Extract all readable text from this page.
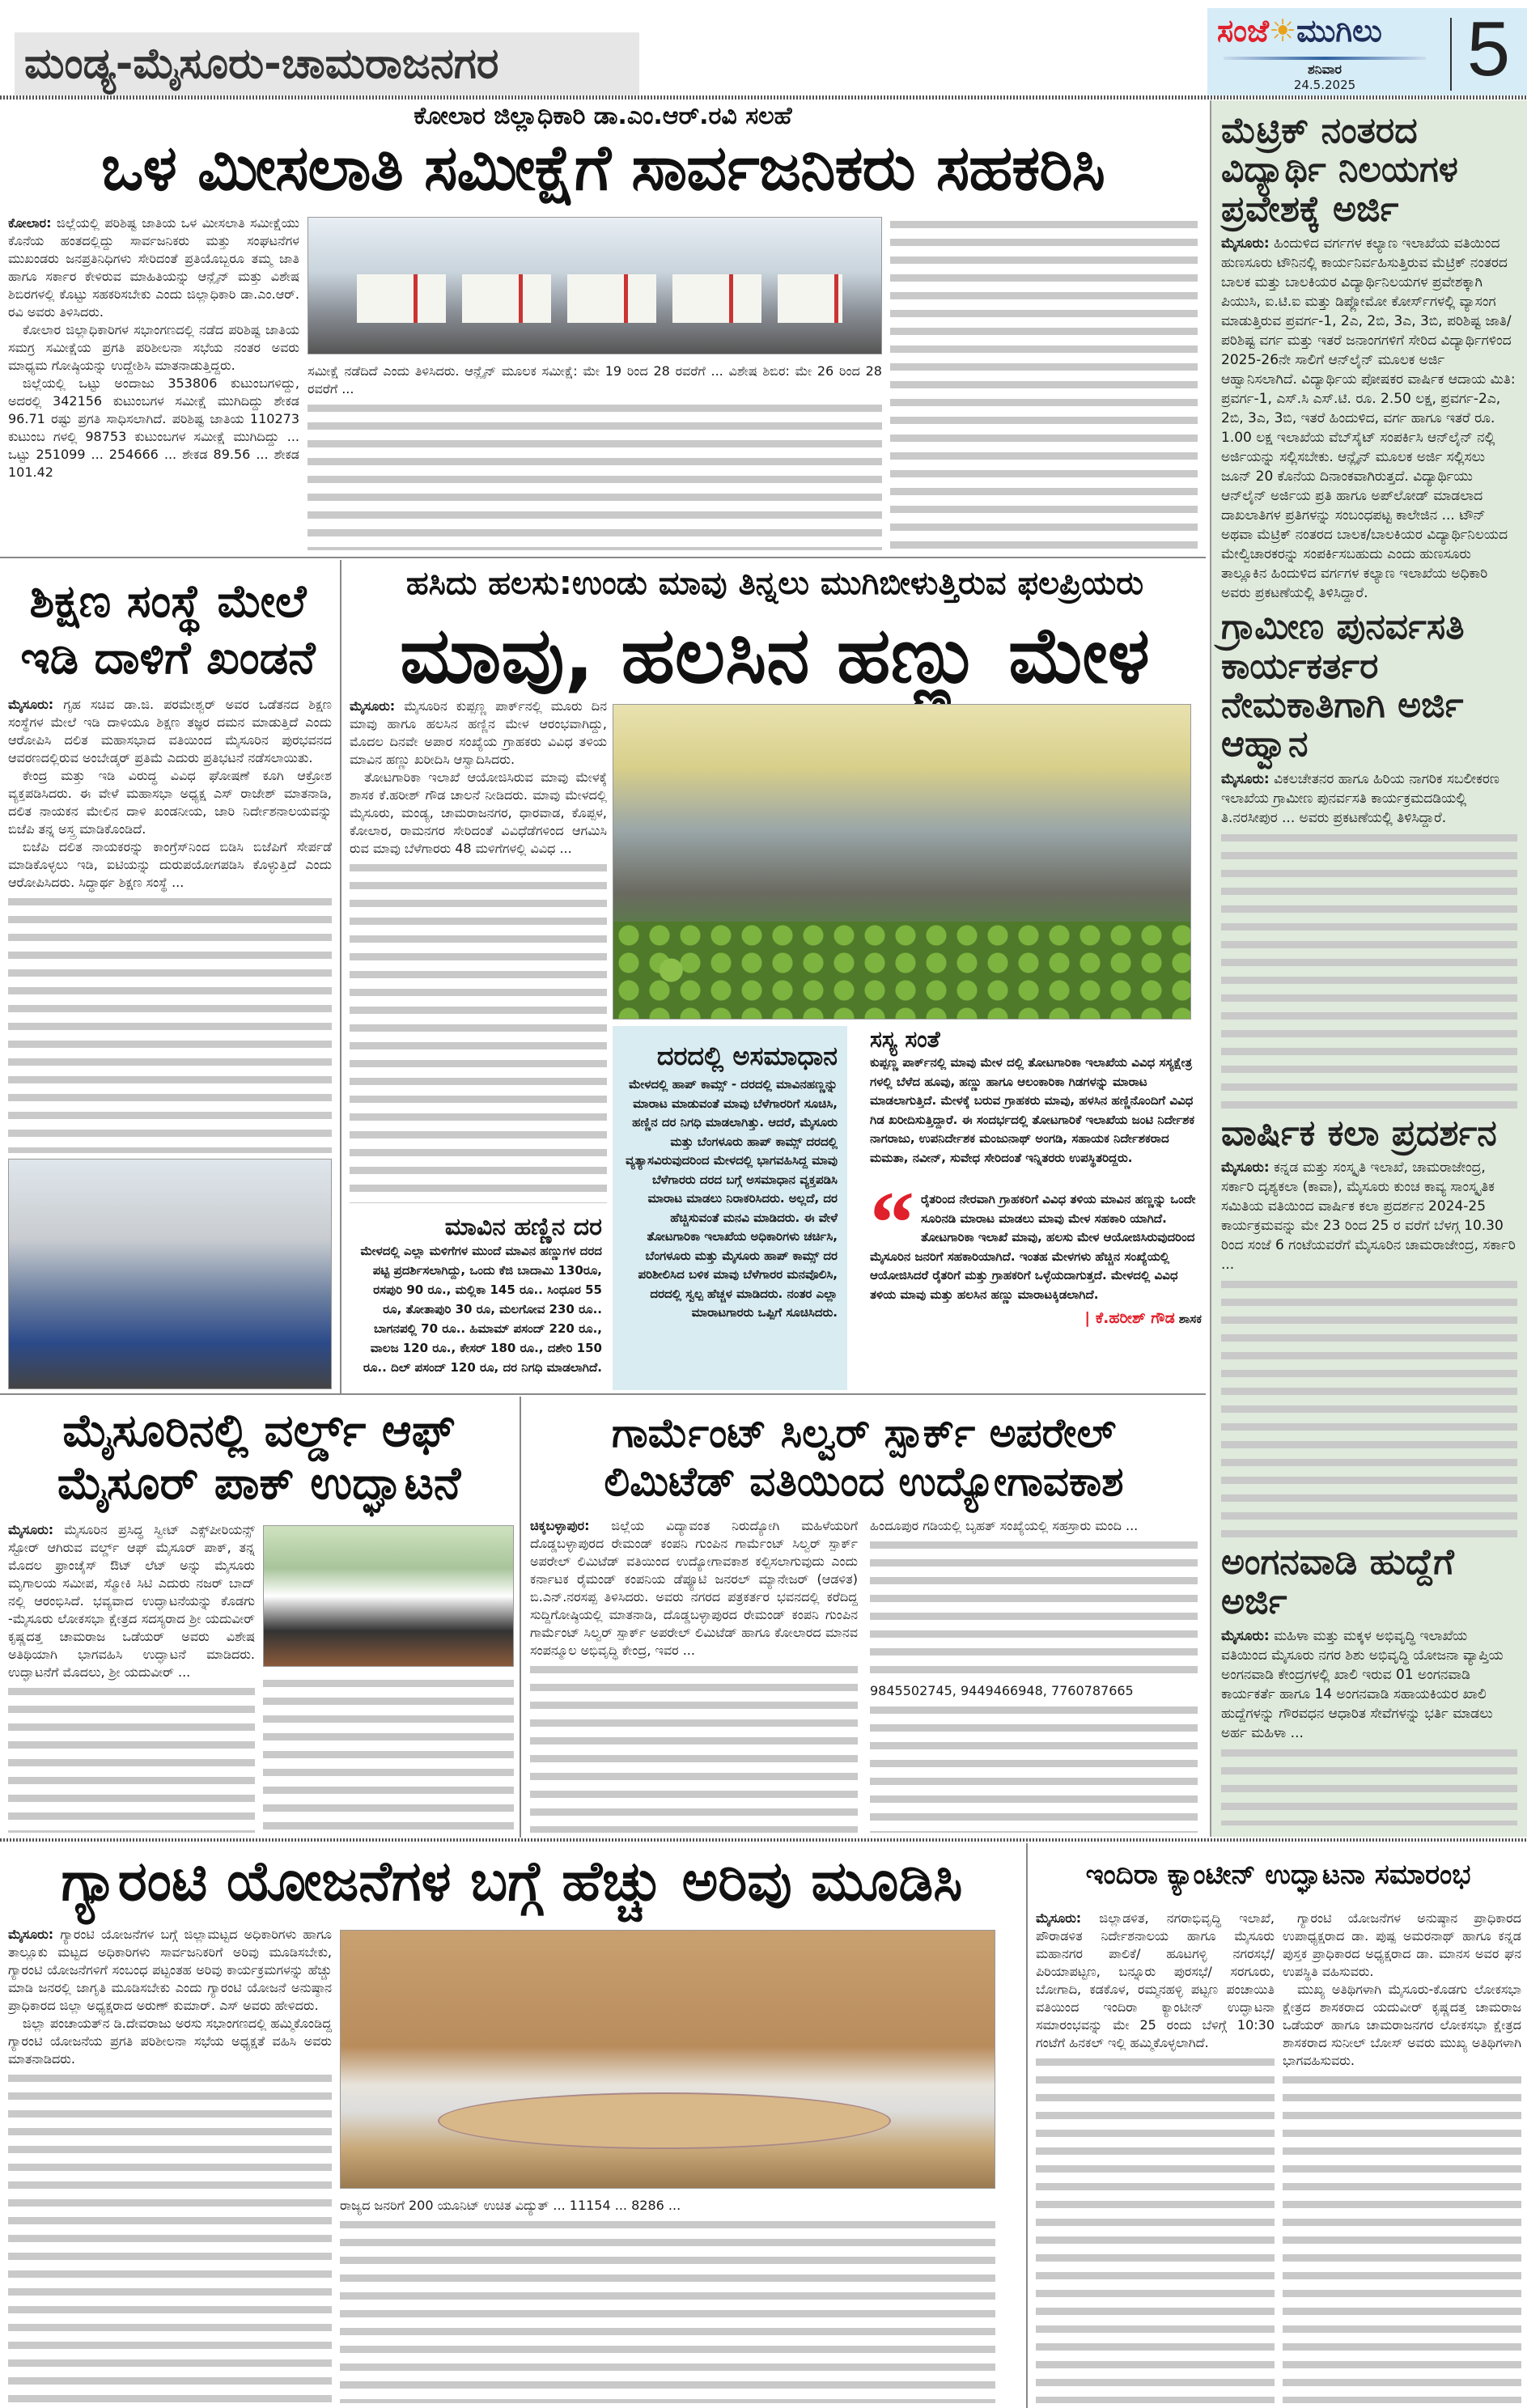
ಮಂಡ್ಯ-ಮೈಸೂರು-ಚಾಮರಾಜನಗರ
ಸಂಜೆ☀ಮುಗಿಲು
ಶನಿವಾರ
24.5.2025	5
ಕೋಲಾರ ಜಿಲ್ಲಾಧಿಕಾರಿ ಡಾ.ಎಂ.ಆರ್.ರವಿ ಸಲಹೆ
ಒಳ ಮೀಸಲಾತಿ ಸಮೀಕ್ಷೆಗೆ ಸಾರ್ವಜನಿಕರು ಸಹಕರಿಸಿ

ಕೋಲಾರ: ಜಿಲ್ಲೆಯಲ್ಲಿ ಪರಿಶಿಷ್ಟ ಜಾತಿಯ ಒಳ ಮೀಸಲಾತಿ ಸಮೀಕ್ಷೆಯು ಕೊನೆಯ ಹಂತದಲ್ಲಿದ್ದು ಸಾರ್ವಜನಿಕರು ಮತ್ತು ಸಂಘಟನೆಗಳ ಮುಖಂಡರು ಜನಪ್ರತಿನಿಧಿಗಳು ಸೇರಿದಂತೆ ಪ್ರತಿಯೊಬ್ಬರೂ ತಮ್ಮ ಜಾತಿ ಹಾಗೂ ಸರ್ಕಾರ ಕೇಳಿರುವ ಮಾಹಿತಿಯನ್ನು ಆನ್ಲೈನ್ ಮತ್ತು ವಿಶೇಷ ಶಿಬಿರಗಳಲ್ಲಿ ಕೊಟ್ಟು ಸಹಕರಿಸಬೇಕು ಎಂದು ಜಿಲ್ಲಾಧಿಕಾರಿ ಡಾ.ಎಂ.ಆರ್. ರವಿ ಅವರು ತಿಳಿಸಿದರು.

ಕೋಲಾರ ಜಿಲ್ಲಾಧಿಕಾರಿಗಳ ಸಭಾಂಗಣದಲ್ಲಿ ನಡೆದ ಪರಿಶಿಷ್ಟ ಜಾತಿಯ ಸಮಗ್ರ ಸಮೀಕ್ಷೆಯ ಪ್ರಗತಿ ಪರಿಶೀಲನಾ ಸಭೆಯ ನಂತರ ಅವರು ಮಾಧ್ಯಮ ಗೋಷ್ಠಿಯನ್ನು ಉದ್ದೇಶಿಸಿ ಮಾತನಾಡುತ್ತಿದ್ದರು.

ಜಿಲ್ಲೆಯಲ್ಲಿ ಒಟ್ಟು ಅಂದಾಜು 353806 ಕುಟುಂಬಗಳಿದ್ದು, ಅದರಲ್ಲಿ 342156 ಕುಟುಂಬಗಳ ಸಮೀಕ್ಷೆ ಮುಗಿದಿದ್ದು ಶೇಕಡ 96.71 ರಷ್ಟು ಪ್ರಗತಿ ಸಾಧಿಸಲಾಗಿದೆ. ಪರಿಶಿಷ್ಟ ಜಾತಿಯ 110273 ಕುಟುಂಬ ಗಳಲ್ಲಿ 98753 ಕುಟುಂಬಗಳ ಸಮೀಕ್ಷೆ ಮುಗಿದಿದ್ದು ... ಒಟ್ಟು 251099 ... 254666 ... ಶೇಕಡ 89.56 ... ಶೇಕಡ 101.42

ಸಮೀಕ್ಷೆ ನಡೆದಿದೆ ಎಂದು ತಿಳಿಸಿದರು. ಆನ್ಲೈನ್ ಮೂಲಕ ಸಮೀಕ್ಷೆ: ಮೇ 19 ರಿಂದ 28 ರವರೆಗೆ ... ವಿಶೇಷ ಶಿಬಿರ: ಮೇ 26 ರಿಂದ 28 ರವರೆಗೆ ...

ಮೆಟ್ರಿಕ್ ನಂತರದ ವಿದ್ಯಾರ್ಥಿ ನಿಲಯಗಳ ಪ್ರವೇಶಕ್ಕೆ ಅರ್ಜಿ

ಮೈಸೂರು: ಹಿಂದುಳಿದ ವರ್ಗಗಳ ಕಲ್ಯಾಣ ಇಲಾಖೆಯ ವತಿಯಿಂದ ಹುಣಸೂರು ಟೌನಿನಲ್ಲಿ ಕಾರ್ಯನಿರ್ವಹಿಸುತ್ತಿರುವ ಮೆಟ್ರಿಕ್ ನಂತರದ ಬಾಲಕ ಮತ್ತು ಬಾಲಕಿಯರ ವಿದ್ಯಾರ್ಥಿನಿಲಯಗಳ ಪ್ರವೇಶಕ್ಕಾಗಿ ಪಿಯುಸಿ, ಐ.ಟಿ.ಐ ಮತ್ತು ಡಿಪ್ಲೋಮೋ ಕೋರ್ಸ್‌ಗಳಲ್ಲಿ ವ್ಯಾಸಂಗ ಮಾಡುತ್ತಿರುವ ಪ್ರವರ್ಗ-1, 2ಎ, 2ಬಿ, 3ಎ, 3ಬಿ, ಪರಿಶಿಷ್ಟ ಜಾತಿ/ಪರಿಶಿಷ್ಟ ವರ್ಗ ಮತ್ತು ಇತರೆ ಜನಾಂಗಗಳಿಗೆ ಸೇರಿದ ವಿದ್ಯಾರ್ಥಿಗಳಿಂದ 2025-26ನೇ ಸಾಲಿಗೆ ಆನ್‌ಲೈನ್ ಮೂಲಕ ಅರ್ಜಿ ಆಹ್ವಾನಿಸಲಾಗಿದೆ. ವಿದ್ಯಾರ್ಥಿಯ ಪೋಷಕರ ವಾರ್ಷಿಕ ಆದಾಯ ಮಿತಿ: ಪ್ರವರ್ಗ-1, ಎಸ್.ಸಿ ಎಸ್.ಟಿ. ರೂ. 2.50 ಲಕ್ಷ, ಪ್ರವರ್ಗ-2ಎ, 2ಬಿ, 3ಎ, 3ಬಿ, ಇತರೆ ಹಿಂದುಳಿದ, ವರ್ಗ ಹಾಗೂ ಇತರೆ ರೂ. 1.00 ಲಕ್ಷ ಇಲಾಖೆಯ ವೆಬ್‌ಸೈಟ್ ಸಂಪರ್ಕಿಸಿ ಆನ್‌ಲೈನ್ ನಲ್ಲಿ ಅರ್ಜಿಯನ್ನು ಸಲ್ಲಿಸಬೇಕು. ಆನ್ಲೈನ್ ಮೂಲಕ ಅರ್ಜಿ ಸಲ್ಲಿಸಲು ಜೂನ್ 20 ಕೊನೆಯ ದಿನಾಂಕವಾಗಿರುತ್ತದೆ. ವಿದ್ಯಾರ್ಥಿಯು ಆನ್‌ಲೈನ್ ಅರ್ಜಿಯ ಪ್ರತಿ ಹಾಗೂ ಅಪ್‌ಲೋಡ್ ಮಾಡಲಾದ ದಾಖಲಾತಿಗಳ ಪ್ರತಿಗಳನ್ನು ಸಂಬಂಧಪಟ್ಟ ಕಾಲೇಜಿನ ... ಟೌನ್ ಅಥವಾ ಮೆಟ್ರಿಕ್ ನಂತರದ ಬಾಲಕ/ಬಾಲಕಿಯರ ವಿದ್ಯಾರ್ಥಿನಿಲಯದ ಮೇಲ್ವಿಚಾರಕರನ್ನು ಸಂಪರ್ಕಿಸಬಹುದು ಎಂದು ಹುಣಸೂರು ತಾಲ್ಲೂಕಿನ ಹಿಂದುಳಿದ ವರ್ಗಗಳ ಕಲ್ಯಾಣ ಇಲಾಖೆಯ ಅಧಿಕಾರಿ ಅವರು ಪ್ರಕಟಣೆಯಲ್ಲಿ ತಿಳಿಸಿದ್ದಾರೆ.

ಗ್ರಾಮೀಣ ಪುನರ್ವಸತಿ ಕಾರ್ಯಕರ್ತರ ನೇಮಕಾತಿಗಾಗಿ ಅರ್ಜಿ ಆಹ್ವಾನ

ಮೈಸೂರು: ವಿಕಲಚೇತನರ ಹಾಗೂ ಹಿರಿಯ ನಾಗರಿಕ ಸಬಲೀಕರಣ ಇಲಾಖೆಯ ಗ್ರಾಮೀಣ ಪುನರ್ವಸತಿ ಕಾರ್ಯಕ್ರಮದಡಿಯಲ್ಲಿ ತಿ.ನರಸೀಪುರ ... ಅವರು ಪ್ರಕಟಣೆಯಲ್ಲಿ ತಿಳಿಸಿದ್ದಾರೆ.

ವಾರ್ಷಿಕ ಕಲಾ ಪ್ರದರ್ಶನ

ಮೈಸೂರು: ಕನ್ನಡ ಮತ್ತು ಸಂಸ್ಕೃತಿ ಇಲಾಖೆ, ಚಾಮರಾಜೇಂದ್ರ, ಸರ್ಕಾರಿ ದೃಶ್ಯಕಲಾ (ಕಾವಾ), ಮೈಸೂರು ಕುಂಚ ಕಾವ್ಯ ಸಾಂಸ್ಕೃತಿಕ ಸಮಿತಿಯ ವತಿಯಿಂದ ವಾರ್ಷಿಕ ಕಲಾ ಪ್ರದರ್ಶನ 2024-25 ಕಾರ್ಯಕ್ರಮವನ್ನು ಮೇ 23 ರಿಂದ 25 ರ ವರೆಗೆ ಬೆಳಗ್ಗ 10.30 ರಿಂದ ಸಂಜೆ 6 ಗಂಟೆಯವರೆಗೆ ಮೈಸೂರಿನ ಚಾಮರಾಜೇಂದ್ರ, ಸರ್ಕಾರಿ ...

ಅಂಗನವಾಡಿ ಹುದ್ದೆಗೆ ಅರ್ಜಿ

ಮೈಸೂರು: ಮಹಿಳಾ ಮತ್ತು ಮಕ್ಕಳ ಅಭಿವೃದ್ಧಿ ಇಲಾಖೆಯ ವತಿಯಿಂದ ಮೈಸೂರು ನಗರ ಶಿಶು ಅಭಿವೃದ್ಧಿ ಯೋಜನಾ ವ್ಯಾಪ್ತಿಯ ಅಂಗನವಾಡಿ ಕೇಂದ್ರಗಳಲ್ಲಿ ಖಾಲಿ ಇರುವ 01 ಅಂಗನವಾಡಿ ಕಾರ್ಯಕರ್ತೆ ಹಾಗೂ 14 ಅಂಗನವಾಡಿ ಸಹಾಯಕಿಯರ ಖಾಲಿ ಹುದ್ದೆಗಳನ್ನು ಗೌರವಧನ ಆಧಾರಿತ ಸೇವೆಗಳನ್ನು ಭರ್ತಿ ಮಾಡಲು ಅರ್ಹ ಮಹಿಳಾ ...

ಶಿಕ್ಷಣ ಸಂಸ್ಥೆ ಮೇಲೆ
ಇಡಿ ದಾಳಿಗೆ ಖಂಡನೆ

ಮೈಸೂರು: ಗೃಹ ಸಚಿವ ಡಾ.ಜಿ. ಪರಮೇಶ್ವರ್ ಅವರ ಒಡೆತನದ ಶಿಕ್ಷಣ ಸಂಸ್ಥೆಗಳ ಮೇಲೆ ಇಡಿ ದಾಳಿಯೂ ಶಿಕ್ಷಣ ತಜ್ಞರ ದಮನ ಮಾಡುತ್ತಿದೆ ಎಂದು ಆರೋಪಿಸಿ ದಲಿತ ಮಹಾಸಭಾದ ವತಿಯಿಂದ ಮೈಸೂರಿನ ಪುರಭವನದ ಆವರಣದಲ್ಲಿರುವ ಅಂಬೇಡ್ಕರ್ ಪ್ರತಿಮೆ ಎದುರು ಪ್ರತಿಭಟನೆ ನಡೆಸಲಾಯಿತು.

ಕೇಂದ್ರ ಮತ್ತು ಇಡಿ ವಿರುದ್ಧ ವಿವಿಧ ಘೋಷಣೆ ಕೂಗಿ ಆಕ್ರೋಶ ವ್ಯಕ್ತಪಡಿಸಿದರು. ಈ ವೇಳೆ ಮಹಾಸಭಾ ಅಧ್ಯಕ್ಷ ಎಸ್ ರಾಜೇಶ್ ಮಾತನಾಡಿ, ದಲಿತ ನಾಯಕನ ಮೇಲಿನ ದಾಳಿ ಖಂಡನೀಯ, ಜಾರಿ ನಿರ್ದೇಶನಾಲಯವನ್ನು ಬಿಜೆಪಿ ತನ್ನ ಅಸ್ತ್ರ ಮಾಡಿಕೊಂಡಿದೆ.

ಬಿಜೆಪಿ ದಲಿತ ನಾಯಕರನ್ನು ಕಾಂಗ್ರೆಸ್‌ನಿಂದ ಬಿಡಿಸಿ ಬಿಜೆಪಿಗೆ ಸೇರ್ಪಡೆ ಮಾಡಿಕೊಳ್ಳಲು ಇಡಿ, ಐಟಿಯನ್ನು ದುರುಪಯೋಗಪಡಿಸಿ ಕೊಳ್ಳುತ್ತಿದೆ ಎಂದು ಆರೋಪಿಸಿದರು. ಸಿದ್ಧಾರ್ಥ ಶಿಕ್ಷಣ ಸಂಸ್ಥೆ ...

ಹಸಿದು ಹಲಸು:ಉಂಡು ಮಾವು ತಿನ್ನಲು ಮುಗಿಬೀಳುತ್ತಿರುವ ಫಲಪ್ರಿಯರು
ಮಾವು, ಹಲಸಿನ ಹಣ್ಣು ಮೇಳ

ಮೈಸೂರು: ಮೈಸೂರಿನ ಕುಪ್ಪಣ್ಣ ಪಾರ್ಕ್‌ನಲ್ಲಿ ಮೂರು ದಿನ ಮಾವು ಹಾಗೂ ಹಲಸಿನ ಹಣ್ಣಿನ ಮೇಳ ಆರಂಭವಾಗಿದ್ದು, ಮೊದಲ ದಿನವೇ ಅಪಾರ ಸಂಖ್ಯೆಯ ಗ್ರಾಹಕರು ವಿವಿಧ ತಳಿಯ ಮಾವಿನ ಹಣ್ಣು ಖರೀದಿಸಿ ಆಸ್ವಾದಿಸಿದರು.

ತೋಟಗಾರಿಕಾ ಇಲಾಖೆ ಆಯೋಜಿಸಿರುವ ಮಾವು ಮೇಳಕ್ಕೆ ಶಾಸಕ ಕೆ.ಹರೀಶ್ ಗೌಡ ಚಾಲನೆ ನೀಡಿದರು. ಮಾವು ಮೇಳದಲ್ಲಿ ಮೈಸೂರು, ಮಂಡ್ಯ, ಚಾಮರಾಜನಗರ, ಧಾರವಾಡ, ಕೊಪ್ಪಳ, ಕೋಲಾರ, ರಾಮನಗರ ಸೇರಿದಂತೆ ವಿವಿಧೆಡೆಗಳಿಂದ ಆಗಮಿಸಿ ರುವ ಮಾವು ಬೆಳೆಗಾರರು 48 ಮಳಿಗೆಗಳಲ್ಲಿ ವಿವಿಧ ...

ಮಾವಿನ ಹಣ್ಣಿನ ದರ
ಮೇಳದಲ್ಲಿ ಎಲ್ಲಾ ಮಳಿಗೆಗಳ ಮುಂದೆ ಮಾವಿನ ಹಣ್ಣುಗಳ ದರದ ಪಟ್ಟಿ ಪ್ರದರ್ಶಿಸಲಾಗಿದ್ದು, ಒಂದು ಕೆಜಿ ಬಾದಾಮಿ 130ರೂ, ರಸಪುರಿ 90 ರೂ., ಮಲ್ಲಿಕಾ 145 ರೂ.. ಸಿಂಧೂರ 55 ರೂ, ತೋತಾಪುರಿ 30 ರೂ, ಮಲಗೋವ 230 ರೂ.. ಬಾಗನಪಲ್ಲಿ 70 ರೂ.. ಹಿಮಾಮ್ ಪಸಂದ್ 220 ರೂ., ವಾಲಜ 120 ರೂ., ಕೇಸರ್ 180 ರೂ., ದಶೇರಿ 150 ರೂ.. ದಿಲ್ ಪಸಂದ್ 120 ರೂ, ದರ ನಿಗಧಿ ಮಾಡಲಾಗಿದೆ.
ದರದಲ್ಲಿ ಅಸಮಾಧಾನ
ಮೇಳದಲ್ಲಿ ಹಾಪ್ ಕಾಮ್ಸ್ - ದರದಲ್ಲಿ ಮಾವಿನಹಣ್ಣನ್ನು ಮಾರಾಟ ಮಾಡುವಂತೆ ಮಾವು ಬೆಳೆಗಾರರಿಗೆ ಸೂಚಿಸಿ, ಹಣ್ಣಿನ ದರ ನಿಗಧಿ ಮಾಡಲಾಗಿತ್ತು. ಆದರೆ, ಮೈಸೂರು ಮತ್ತು ಬೆಂಗಳೂರು ಹಾಪ್ ಕಾಮ್ಸ್ ದರದಲ್ಲಿ ವ್ಯತ್ಯಾಸವಿರುವುದರಿಂದ ಮೇಳದಲ್ಲಿ ಭಾಗವಹಿಸಿದ್ದ ಮಾವು ಬೆಳೆಗಾರರು ದರದ ಬಗ್ಗೆ ಅಸಮಾಧಾನ ವ್ಯಕ್ತಪಡಿಸಿ ಮಾರಾಟ ಮಾಡಲು ನಿರಾಕರಿಸಿದರು. ಅಲ್ಲದೆ, ದರ ಹೆಚ್ಚಿಸುವಂತೆ ಮನವಿ ಮಾಡಿದರು. ಈ ವೇಳೆ ತೋಟಗಾರಿಕಾ ಇಲಾಖೆಯ ಅಧಿಕಾರಿಗಳು ಚರ್ಚಿಸಿ, ಬೆಂಗಳೂರು ಮತ್ತು ಮೈಸೂರು ಹಾಪ್ ಕಾಮ್ಸ್ ದರ ಪರಿಶೀಲಿಸಿದ ಬಳಿಕ ಮಾವು ಬೆಳೆಗಾರರ ಮನವೊಲಿಸಿ, ದರದಲ್ಲಿ ಸ್ವಲ್ಪ ಹೆಚ್ಚಳ ಮಾಡಿದರು. ನಂತರ ಎಲ್ಲಾ ಮಾರಾಟಗಾರರು ಒಪ್ಪಿಗೆ ಸೂಚಿಸಿದರು.
ಸಸ್ಯ ಸಂತೆ
ಕುಪ್ಪಣ್ಣ ಪಾರ್ಕ್‌ನಲ್ಲಿ ಮಾವು ಮೇಳ ದಲ್ಲಿ ತೋಟಗಾರಿಕಾ ಇಲಾಖೆಯ ವಿವಿಧ ಸಸ್ಯಕ್ಷೇತ್ರ ಗಳಲ್ಲಿ ಬೆಳೆದ ಹೂವು, ಹಣ್ಣು ಹಾಗೂ ಆಲಂಕಾರಿಕಾ ಗಿಡಗಳನ್ನು ಮಾರಾಟ ಮಾಡಲಾಗುತ್ತಿದೆ. ಮೇಳಕ್ಕೆ ಬರುವ ಗ್ರಾಹಕರು ಮಾವು, ಹಳಸಿನ ಹಣ್ಣಿನೊಂದಿಗೆ ವಿವಿಧ ಗಿಡ ಖರೀದಿಸುತ್ತಿದ್ದಾರೆ. ಈ ಸಂದರ್ಭದಲ್ಲಿ ತೋಟಗಾರಿಕೆ ಇಲಾಖೆಯ ಜಂಟಿ ನಿರ್ದೇಶಕ ನಾಗರಾಜು, ಉಪನಿರ್ದೇಶಕ ಮಂಜುನಾಥ್ ಅಂಗಡಿ, ಸಹಾಯಕ ನಿರ್ದೇಶಕರಾದ ಮಮತಾ, ನವೀನ್, ಸುವೇಧ ಸೇರಿದಂತೆ ಇನ್ನಿತರರು ಉಪಸ್ಥಿತರಿದ್ದರು.
“ ರೈತರಿಂದ ನೇರವಾಗಿ ಗ್ರಾಹಕರಿಗೆ ವಿವಿಧ ತಳಿಯ ಮಾವಿನ ಹಣ್ಣನ್ನು ಒಂದೇ ಸೂರಿನಡಿ ಮಾರಾಟ ಮಾಡಲು ಮಾವು ಮೇಳ ಸಹಕಾರಿ ಯಾಗಿದೆ. ತೋಟಗಾರಿಕಾ ಇಲಾಖೆ ಮಾವು, ಹಲಸು ಮೇಳ ಆಯೋಜಿಸಿರುವುದರಿಂದ ಮೈಸೂರಿನ ಜನರಿಗೆ ಸಹಕಾರಿಯಾಗಿದೆ. ಇಂತಹ ಮೇಳಗಳು ಹೆಚ್ಚಿನ ಸಂಖ್ಯೆಯಲ್ಲಿ ಆಯೋಜಿಸಿದರೆ ರೈತರಿಗೆ ಮತ್ತು ಗ್ರಾಹಕರಿಗೆ ಒಳ್ಳೆಯದಾಗುತ್ತದೆ. ಮೇಳದಲ್ಲಿ ವಿವಿಧ ತಳಿಯ ಮಾವು ಮತ್ತು ಹಲಸಿನ ಹಣ್ಣು ಮಾರಾಟಕ್ಕಿಡಲಾಗಿದೆ.
| ಕೆ.ಹರೀಶ್ ಗೌಡ ಶಾಸಕ
ಮೈಸೂರಿನಲ್ಲಿ ವರ್ಲ್ಡ್ ಆಫ್
ಮೈಸೂರ್ ಪಾಕ್ ಉದ್ಘಾಟನೆ

ಮೈಸೂರು: ಮೈಸೂರಿನ ಪ್ರಸಿದ್ಧ ಸ್ವೀಟ್ ಎಕ್ಸ್‌ಪೀರಿಯನ್ಸ್ ಸ್ಟೋರ್ ಆಗಿರುವ ವರ್ಲ್ಡ್ ಆಫ್ ಮೈಸೂರ್ ಪಾಕ್, ತನ್ನ ಮೊದಲ ಫ್ರಾಂಚೈಸ್ ಔಟ್ ಲೆಟ್ ಅನ್ನು ಮೈಸೂರು ಮೃಗಾಲಯ ಸಮೀಪ, ಸ್ಮೋಕಿ ಸಿಟಿ ಎದುರು ನಜರ್ ಬಾದ್ ನಲ್ಲಿ ಆರಂಭಿಸಿದೆ. ಭವ್ಯವಾದ ಉದ್ಘಾಟನೆಯನ್ನು ಕೊಡಗು -ಮೈಸೂರು ಲೋಕಸಭಾ ಕ್ಷೇತ್ರದ ಸದಸ್ಯರಾದ ಶ್ರೀ ಯದುವೀರ್ ಕೃಷ್ಣದತ್ತ ಚಾಮರಾಜ ಒಡೆಯರ್ ಅವರು ವಿಶೇಷ ಅತಿಥಿಯಾಗಿ ಭಾಗವಹಿಸಿ ಉದ್ಘಾಟನೆ ಮಾಡಿದರು. ಉದ್ಘಾಟನೆಗೆ ಮೊದಲು, ಶ್ರೀ ಯದುವೀರ್ ...

ಗಾರ್ಮೆಂಟ್ ಸಿಲ್ವರ್ ಸ್ಪಾರ್ಕ್ ಅಪರೇಲ್
ಲಿಮಿಟೆಡ್ ವತಿಯಿಂದ ಉದ್ಯೋಗಾವಕಾಶ

ಚಿಕ್ಕಬಳ್ಳಾಪುರ: ಜಿಲ್ಲೆಯ ವಿದ್ಯಾವಂತ ನಿರುದ್ಯೋಗಿ ಮಹಿಳೆಯರಿಗೆ ದೊಡ್ಡಬಳ್ಳಾಪುರದ ರೇಮಂಡ್ ಕಂಪನಿ ಗುಂಪಿನ ಗಾರ್ಮೆಂಟ್ ಸಿಲ್ವರ್ ಸ್ಪಾರ್ಕ್ ಅಪರೇಲ್ ಲಿಮಿಟೆಡ್ ವತಿಯಿಂದ ಉದ್ಯೋಗಾವಕಾಶ ಕಲ್ಪಿಸಲಾಗುವುದು ಎಂದು ಕರ್ನಾಟಕ ರೈಮಂಡ್ ಕಂಪನಿಯ ಡೆಪ್ಯೂಟಿ ಜನರಲ್ ಮ್ಯಾನೇಜರ್ (ಆಡಳಿತ) ಬಿ.ಎನ್.ನರಸಪ್ಪ ತಿಳಿಸಿದರು. ಅವರು ನಗರದ ಪತ್ರಕರ್ತರ ಭವನದಲ್ಲಿ ಕರೆದಿದ್ದ ಸುದ್ದಿಗೋಷ್ಠಿಯಲ್ಲಿ ಮಾತನಾಡಿ, ದೊಡ್ಡಬಳ್ಳಾಪುರದ ರೇಮಂಡ್ ಕಂಪನಿ ಗುಂಪಿನ ಗಾರ್ಮೆಂಟ್ ಸಿಲ್ವರ್ ಸ್ಪಾರ್ಕ್ ಅಪರೇಲ್ ಲಿಮಿಟೆಡ್ ಹಾಗೂ ಕೋಲಾರದ ಮಾನವ ಸಂಪನ್ಮೂಲ ಅಭಿವೃದ್ಧಿ ಕೇಂದ್ರ, ಇವರ ...

ಹಿಂದೂಪುರ ಗಡಿಯಲ್ಲಿ ಬೃಹತ್ ಸಂಖ್ಯೆಯಲ್ಲಿ ಸಹಸ್ರಾರು ಮಂದಿ ...

9845502745, 9449466948, 7760787665

ಗ್ಯಾರಂಟಿ ಯೋಜನೆಗಳ ಬಗ್ಗೆ ಹೆಚ್ಚು ಅರಿವು ಮೂಡಿಸಿ

ಮೈಸೂರು: ಗ್ಯಾರಂಟಿ ಯೋಜನೆಗಳ ಬಗ್ಗೆ ಜಿಲ್ಲಾಮಟ್ಟದ ಅಧಿಕಾರಿಗಳು ಹಾಗೂ ತಾಲ್ಲೂಕು ಮಟ್ಟದ ಅಧಿಕಾರಿಗಳು ಸಾರ್ವಜನಿಕರಿಗೆ ಅರಿವು ಮೂಡಿಸಬೇಕು, ಗ್ಯಾರಂಟಿ ಯೋಜನೆಗಳಿಗೆ ಸಂಬಂಧ ಪಟ್ಟಂತಹ ಅರಿವು ಕಾರ್ಯಕ್ರಮಗಳನ್ನು ಹೆಚ್ಚು ಮಾಡಿ ಜನರಲ್ಲಿ ಜಾಗೃತಿ ಮೂಡಿಸಬೇಕು ಎಂದು ಗ್ಯಾರಂಟಿ ಯೋಜನೆ ಅನುಷ್ಠಾನ ಪ್ರಾಧಿಕಾರದ ಜಿಲ್ಲಾ ಅಧ್ಯಕ್ಷರಾದ ಅರುಣ್ ಕುಮಾರ್. ಎಸ್ ಅವರು ಹೇಳಿದರು.

ಜಿಲ್ಲಾ ಪಂಚಾಯತ್‌ನ ಡಿ.ದೇವರಾಜು ಅರಸು ಸಭಾಂಗಣದಲ್ಲಿ ಹಮ್ಮಿಕೊಂಡಿದ್ದ ಗ್ಯಾರಂಟಿ ಯೋಜನೆಯ ಪ್ರಗತಿ ಪರಿಶೀಲನಾ ಸಭೆಯ ಅಧ್ಯಕ್ಷತೆ ವಹಿಸಿ ಅವರು ಮಾತನಾಡಿದರು.

ರಾಜ್ಯದ ಜನರಿಗೆ 200 ಯೂನಿಟ್ ಉಚಿತ ವಿದ್ಯುತ್ ... 11154 ... 8286 ...

ಇಂದಿರಾ ಕ್ಯಾಂಟೀನ್ ಉದ್ಘಾಟನಾ ಸಮಾರಂಭ

ಮೈಸೂರು: ಜಿಲ್ಲಾಡಳಿತ, ನಗರಾಭಿವೃದ್ಧಿ ಇಲಾಖೆ, ಪೌರಾಡಳಿತ ನಿರ್ದೇಶನಾಲಯ ಹಾಗೂ ಮೈಸೂರು ಮಹಾನಗರ ಪಾಲಿಕೆ/ ಹೂಟಗಳ್ಳಿ ನಗರಸಭೆ/ ಪಿರಿಯಾಪಟ್ಟಣ, ಬನ್ನೂರು ಪುರಸಭೆ/ ಸರಗೂರು, ಬೋಗಾದಿ, ಕಡಕೊಳ, ರಮ್ಮನಹಳ್ಳಿ ಪಟ್ಟಣ ಪಂಚಾಯಿತಿ ವತಿಯಿಂದ ಇಂದಿರಾ ಕ್ಯಾಂಟೀನ್ ಉದ್ಘಾಟನಾ ಸಮಾರಂಭವನ್ನು ಮೇ 25 ರಂದು ಬೆಳಿಗ್ಗೆ 10:30 ಗಂಟೆಗೆ ಹಿನಕಲ್ ಇಲ್ಲಿ ಹಮ್ಮಿಕೊಳ್ಳಲಾಗಿದೆ.

ಗ್ಯಾರಂಟಿ ಯೋಜನೆಗಳ ಅನುಷ್ಠಾನ ಪ್ರಾಧಿಕಾರದ ಉಪಾಧ್ಯಕ್ಷರಾದ ಡಾ. ಪುಷ್ಪ ಅಮರನಾಥ್ ಹಾಗೂ ಕನ್ನಡ ಪುಸ್ತಕ ಪ್ರಾಧಿಕಾರದ ಅಧ್ಯಕ್ಷರಾದ ಡಾ. ಮಾನಸ ಅವರ ಘನ ಉಪಸ್ಥಿತಿ ವಹಿಸುವರು.

ಮುಖ್ಯ ಅತಿಥಿಗಳಾಗಿ ಮೈಸೂರು-ಕೊಡಗು ಲೋಕಸಭಾ ಕ್ಷೇತ್ರದ ಶಾಸಕರಾದ ಯದುವೀರ್ ಕೃಷ್ಣದತ್ತ ಚಾಮರಾಜ ಒಡೆಯರ್ ಹಾಗೂ ಚಾಮರಾಜನಗರ ಲೋಕಸಭಾ ಕ್ಷೇತ್ರದ ಶಾಸಕರಾದ ಸುನೀಲ್ ಬೋಸ್ ಅವರು ಮುಖ್ಯ ಅತಿಥಿಗಳಾಗಿ ಭಾಗವಹಿಸುವರು.
